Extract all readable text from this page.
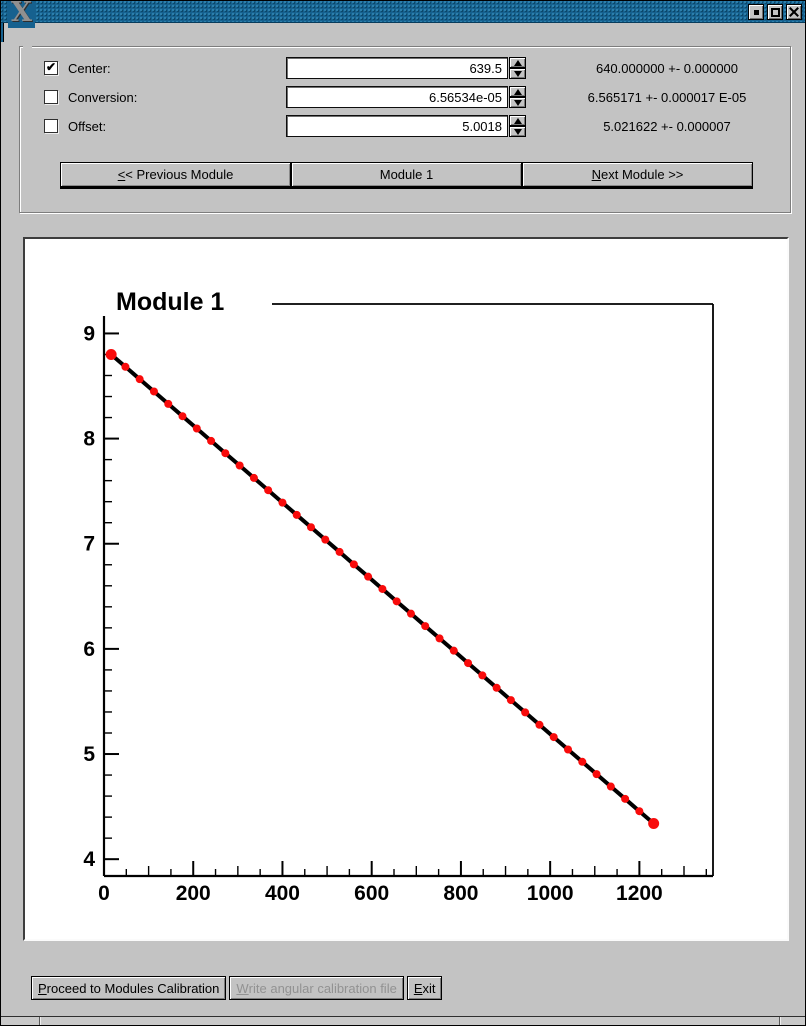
X
✔
Center:
639.5	640.000000 +- 0.000000
Conversion:
6.56534e-05	6.565171 +- 0.000017 E-05
Offset:
5.0018	5.021622 +- 0.000007
< < Previous Module	Module 1	N ext Module >>
0	200	400	600	800 1000 1200
4
5
6
7
8
9
Module 1
P roceed to Modules Calibration	W rite angular calibration file	E xit
